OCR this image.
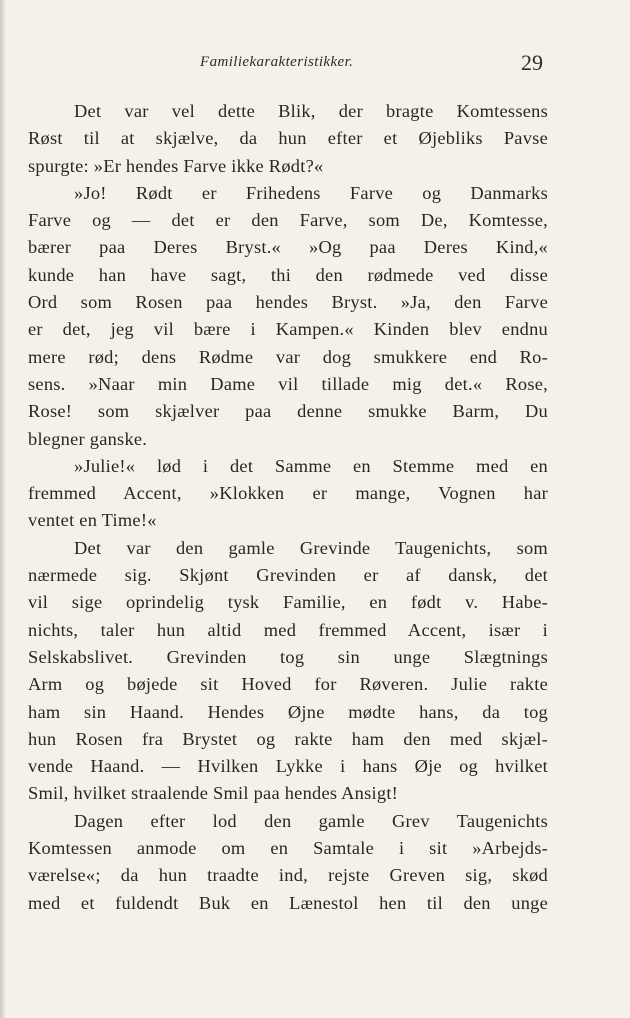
Familiekarakteristikker.	29
Det var vel dette Blik, der bragte Komtessens
Røst til at skjælve, da hun efter et Øjebliks Pavse
spurgte: »Er hendes Farve ikke Rødt?«
»Jo! Rødt er Frihedens Farve og Danmarks
Farve og — det er den Farve, som De, Komtesse,
bærer paa Deres Bryst.« »Og paa Deres Kind,«
kunde han have sagt, thi den rødmede ved disse
Ord som Rosen paa hendes Bryst. »Ja, den Farve
er det, jeg vil bære i Kampen.« Kinden blev endnu
mere rød; dens Rødme var dog smukkere end Ro-
sens. »Naar min Dame vil tillade mig det.« Rose,
Rose! som skjælver paa denne smukke Barm, Du
blegner ganske.
»Julie!« lød i det Samme en Stemme med en
fremmed Accent, »Klokken er mange, Vognen har
ventet en Time!«
Det var den gamle Grevinde Taugenichts, som
nærmede sig. Skjønt Grevinden er af dansk, det
vil sige oprindelig tysk Familie, en født v. Habe-
nichts, taler hun altid med fremmed Accent, især i
Selskabslivet. Grevinden tog sin unge Slægtnings
Arm og bøjede sit Hoved for Røveren. Julie rakte
ham sin Haand. Hendes Øjne mødte hans, da tog
hun Rosen fra Brystet og rakte ham den med skjæl-
vende Haand. — Hvilken Lykke i hans Øje og hvilket
Smil, hvilket straalende Smil paa hendes Ansigt!
Dagen efter lod den gamle Grev Taugenichts
Komtessen anmode om en Samtale i sit »Arbejds-
værelse«; da hun traadte ind, rejste Greven sig, skød
med et fuldendt Buk en Lænestol hen til den unge
